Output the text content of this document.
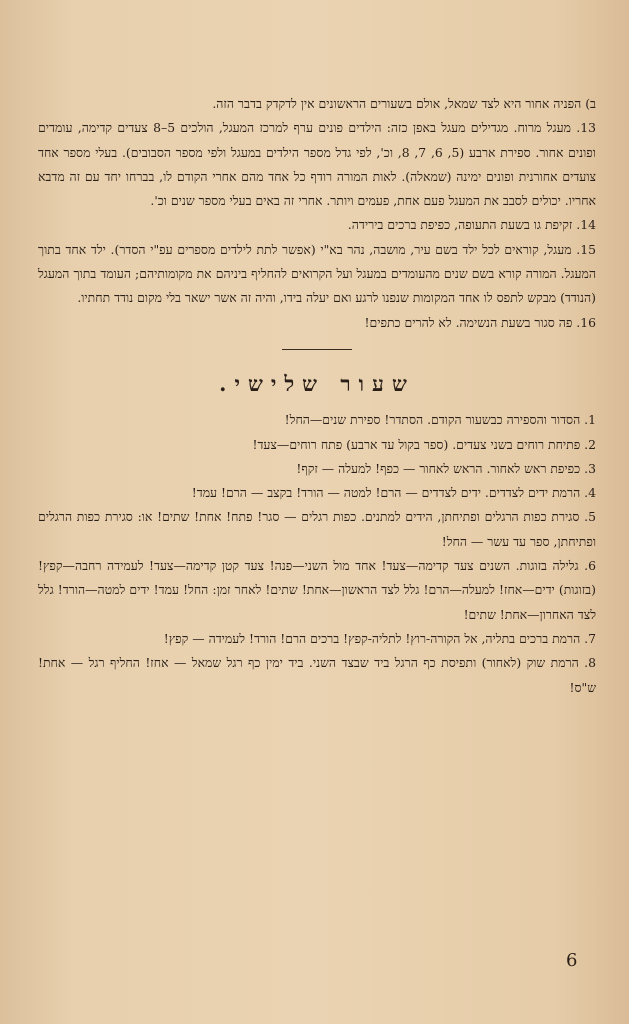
ב) הפניה אחור היא לצד שמאל, אולם בשעורים הראשונים אין לדקדק בדבר הזה.

13. מעגל מרוח. מגדילים מעגל באפן כזה: הילדים פונים ערף למרכז המעגל, הולכים 5–8 צעדים קדימה, עומדים ופונים אחור. ספירת ארבע (5, 6, 7, 8, וכ', לפי גדל מספר הילדים במעגל ולפי מספר הסבובים). בעלי מספר אחד צועדים אחורנית ופונים ימינה (שמאלה). לאות המורה רודף כל אחד מהם אחרי הקודם לו, בברחו יחד עם זה מדבא אחריו. יכולים לסבב את המעגל פעם אחת, פעמים ויותר. אחרי זה באים בעלי מספר שנים וכ'.

14. זקיפת גו בשעת התעופה, כפיפת ברכים בירידה.

15. מעגל, קוראים לכל ילד בשם עיר, מושבה, נהר בא"י (אפשר לתת לילדים מספרים עפ"י הסדר). ילד אחד בתוך המעגל. המורה קורא בשם שנים מהעומדים במעגל ועל הקרואים להחליף ביניהם את מקומותיהם; העומד בתוך המעגל (הנודד) מבקש לתפס לו אחד המקומות שנפנו לרגע ואם יעלה בידו, והיה זה אשר ישאר בלי מקום נודד תחתיו.

16. פה סגור בשעת הנשימה. לא להרים כתפים!

שעור שלישי.

1. הסדור והספירה כבשעור הקודם. הסתדר! ספירת שנים—החל!

2. פתיחת רוחים בשני צעדים. (ספר בקול עד ארבע) פתח רוחים—צעד!

3. כפיפת ראש לאחור. הראש לאחור — כפף! למעלה — זקף!

4. הרמת ידים לצדדים. ידים לצדדים — הרם! למטה — הורד! בקצב — הרם! עמד!

5. סגירת כפות הרגלים ופתיחתן, הידים למתנים. כפות רגלים — סגר! פתח! אחת! שתים! או: סגירת כפות הרגלים ופתיחתן, ספר עד עשר — החל!

6. גלילה בזוגות. השנים צעד קדימה—צעד! אחד מול השני—פנה! צעד קטן קדימה—צעד! לעמידה רחבה—קפץ! (בזוגות) ידים—אחז! למעלה—הרם! גלל לצד הראשון—אחת! שתים! לאחר זמן: החל! עמד! ידים למטה—הורד! גלל לצד האחרון—אחת! שתים!

7. הרמת ברכים בתליה, אל הקורה-רוץ! לתליה-קפץ! ברכים הרם! הורד! לעמידה — קפץ!

8. הרמת שוק (לאחור) ותפיסת כף הרגל ביד שבצד השני. ביד ימין כף רגל שמאל — אחז! החליף רגל — אחת! ש"ס!

6
